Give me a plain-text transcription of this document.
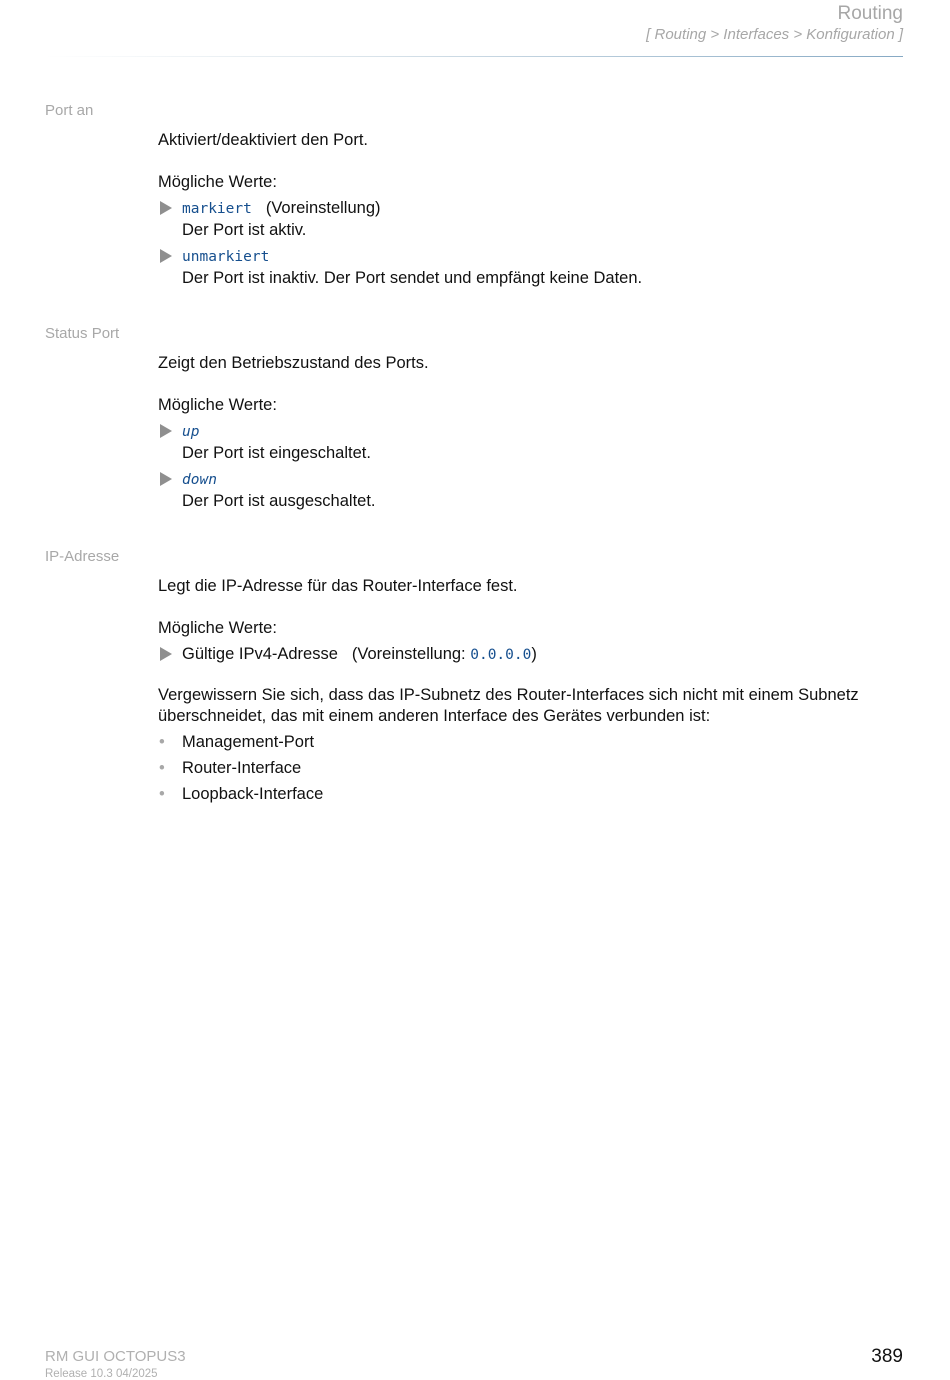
Routing
[ Routing > Interfaces > Konfiguration ]
Port an

Aktiviert/deaktiviert den Port.

Mögliche Werte:

markiert (Voreinstellung)
Der Port ist aktiv.
unmarkiert
Der Port ist inaktiv. Der Port sendet und empfängt keine Daten.
Status Port

Zeigt den Betriebszustand des Ports.

Mögliche Werte:

up
Der Port ist eingeschaltet.
down
Der Port ist ausgeschaltet.
IP-Adresse

Legt die IP-Adresse für das Router-Interface fest.

Mögliche Werte:

Gültige IPv4-Adresse (Voreinstellung: 0.0.0.0)

Vergewissern Sie sich, dass das IP-Subnetz des Router-Interfaces sich nicht mit einem Subnetz überschneidet, das mit einem anderen Interface des Gerätes verbunden ist:

• Management-Port
• Router-Interface
• Loopback-Interface
RM GUI OCTOPUS3
Release 10.3 04/2025
389
